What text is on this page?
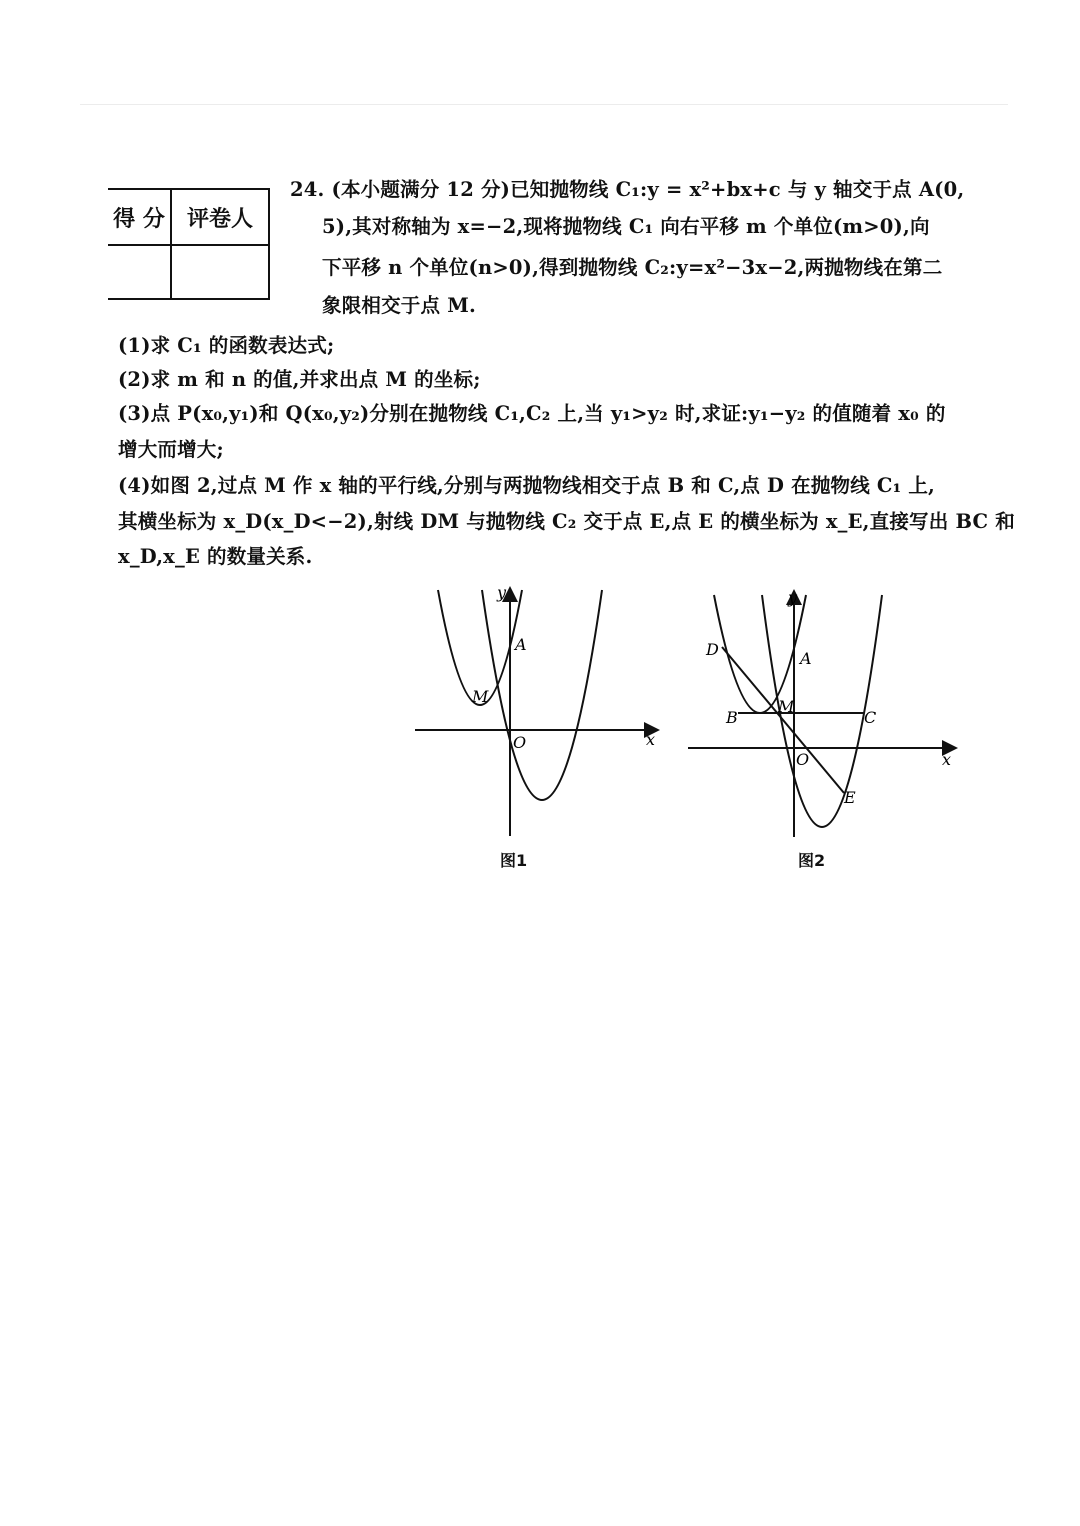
得 分	评卷人

24. (本小题满分 12 分)已知抛物线 C₁:y = x²+bx+c 与 y 轴交于点 A(0,
5),其对称轴为 x=−2,现将抛物线 C₁ 向右平移 m 个单位(m>0),向
下平移 n 个单位(n>0),得到抛物线 C₂:y=x²−3x−2,两抛物线在第二
象限相交于点 M.
(1)求 C₁ 的函数表达式;
(2)求 m 和 n 的值,并求出点 M 的坐标;
(3)点 P(x₀,y₁)和 Q(x₀,y₂)分别在抛物线 C₁,C₂ 上,当 y₁>y₂ 时,求证:y₁−y₂ 的值随着 x₀ 的
增大而增大;
(4)如图 2,过点 M 作 x 轴的平行线,分别与两抛物线相交于点 B 和 C,点 D 在抛物线 C₁ 上,
其横坐标为 x_D(x_D<−2),射线 DM 与抛物线 C₂ 交于点 E,点 E 的横坐标为 x_E,直接写出 BC 和
x_D,x_E 的数量关系.
y
x
O
A
M
图1
y
x
O
A
M
B	C
D
E
图2
